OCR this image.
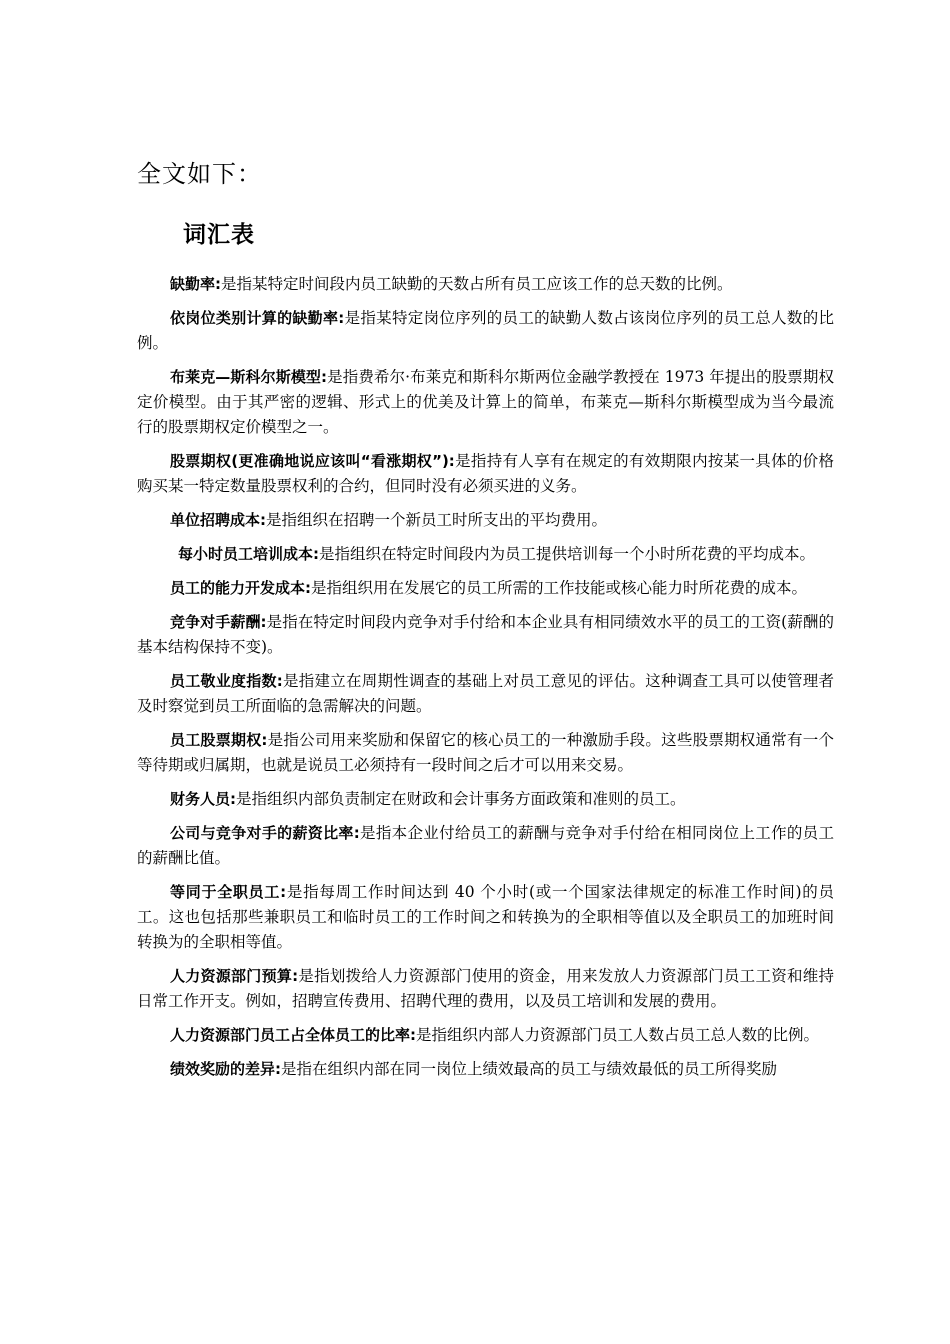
全文如下：
词汇表

缺勤率:是指某特定时间段内员工缺勤的天数占所有员工应该工作的总天数的比例。

依岗位类别计算的缺勤率:是指某特定岗位序列的员工的缺勤人数占该岗位序列的员工总人数的比例。

布莱克—斯科尔斯模型:是指费希尔·布莱克和斯科尔斯两位金融学教授在 1973 年提出的股票期权定价模型。由于其严密的逻辑、形式上的优美及计算上的简单，布莱克—斯科尔斯模型成为当今最流行的股票期权定价模型之一。

股票期权(更准确地说应该叫“看涨期权”):是指持有人享有在规定的有效期限内按某一具体的价格购买某一特定数量股票权利的合约，但同时没有必须买进的义务。

单位招聘成本:是指组织在招聘一个新员工时所支出的平均费用。

每小时员工培训成本:是指组织在特定时间段内为员工提供培训每一个小时所花费的平均成本。

员工的能力开发成本:是指组织用在发展它的员工所需的工作技能或核心能力时所花费的成本。

竞争对手薪酬:是指在特定时间段内竞争对手付给和本企业具有相同绩效水平的员工的工资(薪酬的基本结构保持不变)。

员工敬业度指数:是指建立在周期性调查的基础上对员工意见的评估。这种调查工具可以使管理者及时察觉到员工所面临的急需解决的问题。

员工股票期权:是指公司用来奖励和保留它的核心员工的一种激励手段。这些股票期权通常有一个等待期或归属期，也就是说员工必须持有一段时间之后才可以用来交易。

财务人员:是指组织内部负责制定在财政和会计事务方面政策和准则的员工。

公司与竞争对手的薪资比率:是指本企业付给员工的薪酬与竞争对手付给在相同岗位上工作的员工的薪酬比值。

等同于全职员工:是指每周工作时间达到 40 个小时(或一个国家法律规定的标准工作时间)的员工。这也包括那些兼职员工和临时员工的工作时间之和转换为的全职相等值以及全职员工的加班时间转换为的全职相等值。

人力资源部门预算:是指划拨给人力资源部门使用的资金，用来发放人力资源部门员工工资和维持日常工作开支。例如，招聘宣传费用、招聘代理的费用，以及员工培训和发展的费用。

人力资源部门员工占全体员工的比率:是指组织内部人力资源部门员工人数占员工总人数的比例。

绩效奖励的差异:是指在组织内部在同一岗位上绩效最高的员工与绩效最低的员工所得奖励
